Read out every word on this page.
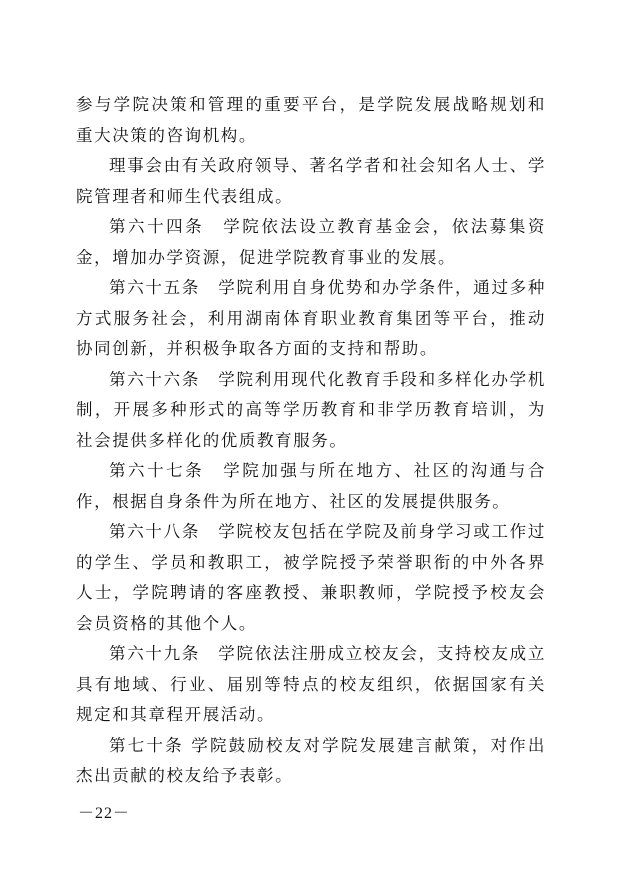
参与学院决策和管理的重要平台，是学院发展战略规划和重大决策的咨询机构。

理事会由有关政府领导、著名学者和社会知名人士、学院管理者和师生代表组成。

第六十四条　学院依法设立教育基金会，依法募集资金，增加办学资源，促进学院教育事业的发展。

第六十五条　学院利用自身优势和办学条件，通过多种方式服务社会，利用湖南体育职业教育集团等平台，推动协同创新，并积极争取各方面的支持和帮助。

第六十六条　学院利用现代化教育手段和多样化办学机制，开展多种形式的高等学历教育和非学历教育培训，为社会提供多样化的优质教育服务。

第六十七条　学院加强与所在地方、社区的沟通与合作，根据自身条件为所在地方、社区的发展提供服务。

第六十八条　学院校友包括在学院及前身学习或工作过的学生、学员和教职工，被学院授予荣誉职衔的中外各界人士，学院聘请的客座教授、兼职教师，学院授予校友会会员资格的其他个人。

第六十九条　学院依法注册成立校友会，支持校友成立具有地域、行业、届别等特点的校友组织，依据国家有关规定和其章程开展活动。

第七十条 学院鼓励校友对学院发展建言献策，对作出杰出贡献的校友给予表彰。

－22－
